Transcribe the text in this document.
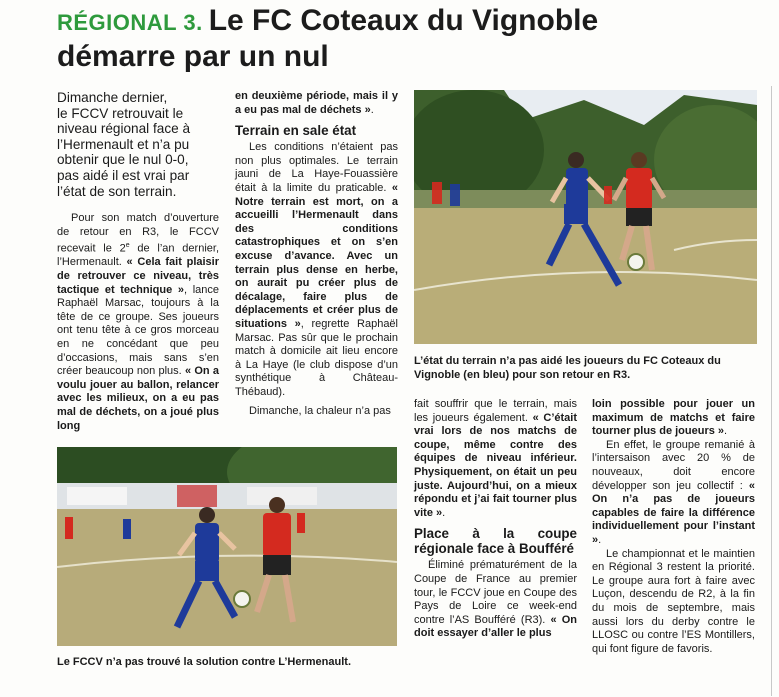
RÉGIONAL 3. Le FC Coteaux du Vignoble
démarre par un nul
Dimanche dernier,
le FCCV retrouvait le
niveau régional face à
l’Hermenault et n’a pu
obtenir que le nul 0-0,
pas aidé il est vrai par
l’état de son terrain.

Pour son match d’ouverture de retour en R3, le FCCV recevait le 2e de l’an dernier, l’Hermenault. « Cela fait plaisir de retrouver ce niveau, très tactique et technique », lance Raphaël Marsac, toujours à la tête de ce groupe. Ses joueurs ont tenu tête à ce gros morceau en ne concédant que peu d’occasions, mais sans s’en créer beaucoup non plus. « On a voulu jouer au ballon, relancer avec les milieux, on a eu pas mal de déchets, on a joué plus long

en deuxième période, mais il y a eu pas mal de déchets ».

Terrain en sale état

Les conditions n’étaient pas non plus optimales. Le terrain jauni de La Haye-Fouassière était à la limite du praticable. « Notre terrain est mort, on a accueilli l’Hermenault dans des conditions catastrophiques et on s’en excuse d’avance. Avec un terrain plus dense en herbe, on aurait pu créer plus de décalage, faire plus de déplacements et créer plus de situations », regrette Raphaël Marsac. Pas sûr que le prochain match à domicile ait lieu encore à La Haye (le club dispose d’un synthétique à Château-Thébaud).

Dimanche, la chaleur n’a pas

L’état du terrain n’a pas aidé les joueurs du FC Coteaux du Vignoble (en bleu) pour son retour en R3.
Le FCCV n’a pas trouvé la solution contre L’Hermenault.

fait souffrir que le terrain, mais les joueurs également. « C’était vrai lors de nos matchs de coupe, même contre des équipes de niveau inférieur. Physiquement, on était un peu juste. Aujourd’hui, on a mieux répondu et j’ai fait tourner plus vite ».

Place à la coupe régionale face à Boufféré

Éliminé prématurément de la Coupe de France au premier tour, le FCCV joue en Coupe des Pays de Loire ce week-end contre l’AS Boufféré (R3). « On doit essayer d’aller le plus

loin possible pour jouer un maximum de matchs et faire tourner plus de joueurs ».

En effet, le groupe remanié à l’intersaison avec 20 % de nouveaux, doit encore développer son jeu collectif : « On n’a pas de joueurs capables de faire la différence individuellement pour l’instant ».

Le championnat et le maintien en Régional 3 restent la priorité. Le groupe aura fort à faire avec Luçon, descendu de R2, à la fin du mois de septembre, mais aussi lors du derby contre le LLOSC ou contre l’ES Montillers, qui font figure de favoris.
